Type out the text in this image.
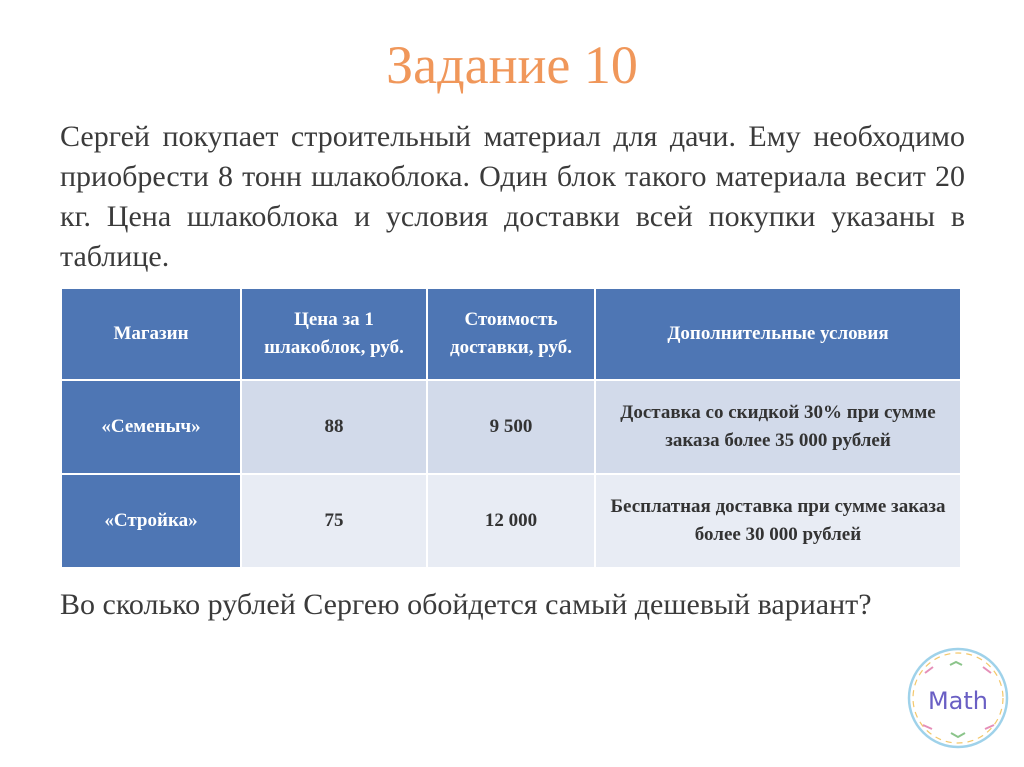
Задание 10
Сергей покупает строительный материал для дачи. Ему необходимо приобрести 8 тонн шлакоблока. Один блок такого материала весит 20 кг. Цена шлакоблока и условия доставки всей покупки указаны в таблице.
Магазин	Цена за 1 шлакоблок, руб.	Стоимость доставки, руб.	Дополнительные условия
«Семеныч»	88	9 500	Доставка со скидкой 30% при сумме заказа более 35 000 рублей
«Стройка»	75	12 000	Бесплатная доставка при сумме заказа более 30 000 рублей
Во сколько рублей Сергею обойдется самый дешевый вариант?
Math
